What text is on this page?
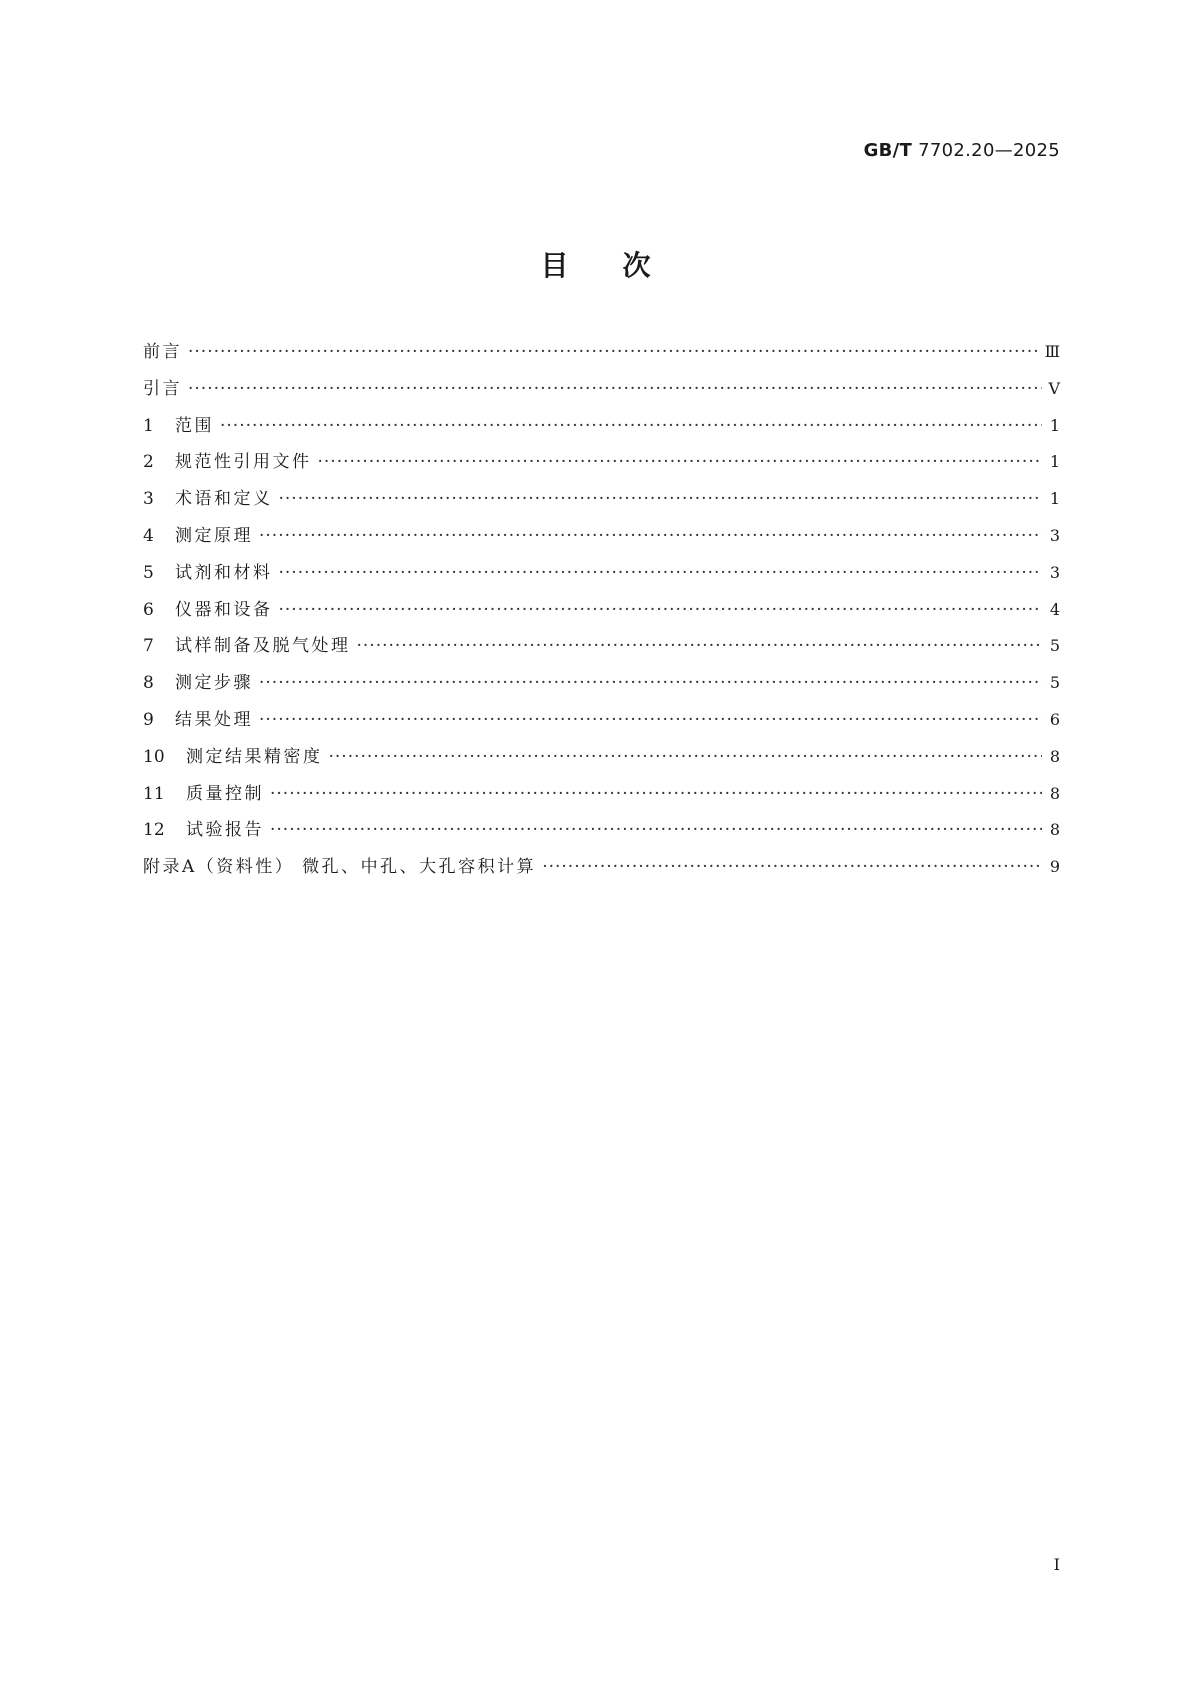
GB/T 7702.20—2025
目次
前言 ·····	Ⅲ
引言 ·····	Ⅴ
1	范围 ·····	1
2	规范性引用文件 ·····	1
3	术语和定义 ·····	1
4	测定原理 ·····	3
5	试剂和材料 ·····	3
6	仪器和设备 ·····	4
7	试样制备及脱气处理 ·····	5
8	测定步骤 ·····	5
9	结果处理 ·····	6
10	测定结果精密度 ·····	8
11	质量控制 ·····	8
12	试验报告 ·····	8
附录A（资料性） 微孔、中孔、大孔容积计算 ·····	9
Ⅰ
